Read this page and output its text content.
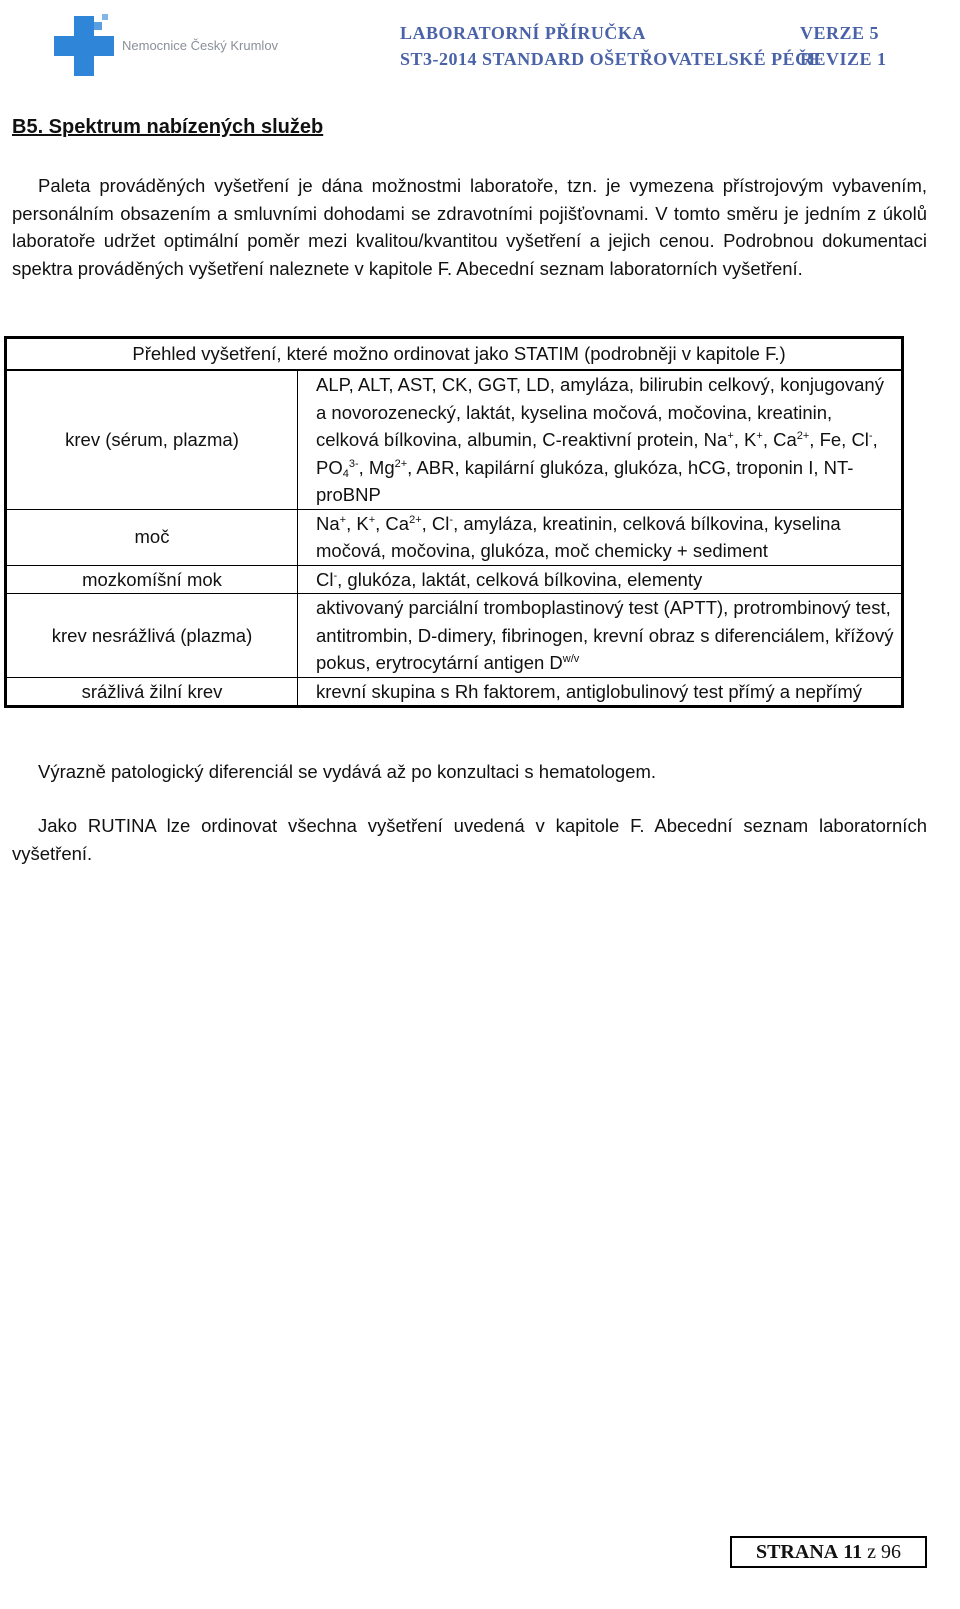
Nemocnice Český Krumlov
LABORATORNÍ PŘÍRUČKA
ST3-2014 STANDARD OŠETŘOVATELSKÉ PÉČE
VERZE 5
REVIZE 1
B5. Spektrum nabízených služeb
Paleta prováděných vyšetření je dána možnostmi laboratoře, tzn. je vymezena přístrojovým vybavením, personálním obsazením a smluvními dohodami se zdravotními pojišťovnami. V tomto směru je jedním z úkolů laboratoře udržet optimální poměr mezi kvalitou/kvantitou vyšetření a jejich cenou. Podrobnou dokumentaci spektra prováděných vyšetření naleznete v kapitole F. Abecední seznam laboratorních vyšetření.
Přehled vyšetření, které možno ordinovat jako STATIM (podrobněji v kapitole F.)	
krev (sérum, plazma)	ALP, ALT, AST, CK, GGT, LD, amyláza, bilirubin celkový, konjugovaný a novorozenecký, laktát, kyselina močová, močovina, kreatinin, celková bílkovina, albumin, C-reaktivní protein, Na+, K+, $Ca^{2+}$, Fe, Cl-, $PO_4^{3-}$, $Mg^{2+}$, ABR, kapilární glukóza, glukóza, hCG, troponin I, NT-proBNP
moč	Na+, K+, $Ca^{2+}$, Cl-, amyláza, kreatinin, celková bílkovina, kyselina močová, močovina, glukóza, moč chemicky + sediment
mozkomíšní mok	Cl-, glukóza, laktát, celková bílkovina, elementy
krev nesrážlivá (plazma)	aktivovaný parciální tromboplastinový test (APTT), protrombinový test, antitrombin, D-dimery, fibrinogen, krevní obraz s diferenciálem, křížový pokus, erytrocytární antigen $D^{w/v}$
srážlivá žilní krev	krevní skupina s Rh faktorem, antiglobulinový test přímý a nepřímý
Výrazně patologický diferenciál se vydává až po konzultaci s hematologem.
Jako RUTINA lze ordinovat všechna vyšetření uvedená v kapitole F. Abecední seznam laboratorních vyšetření.
STRANA 11 z 96
